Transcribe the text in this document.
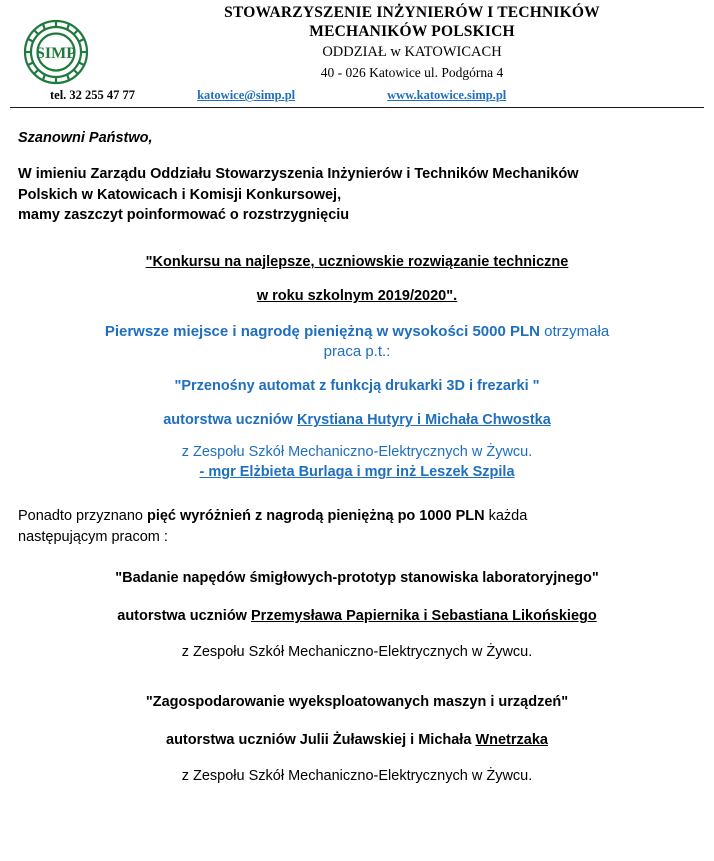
SIMP
STOWARZYSZENIE INŻYNIERÓW I TECHNIKÓW
MECHANIKÓW POLSKICH
ODDZIAŁ w KATOWICACH
40 - 026 Katowice ul. Podgórna 4
tel. 32 255 47 77	katowice@simp.pl	www.katowice.simp.pl
Szanowni Państwo,
W imieniu Zarządu Oddziału Stowarzyszenia Inżynierów i Techników Mechaników
Polskich w Katowicach i Komisji Konkursowej,
mamy zaszczyt poinformować o rozstrzygnięciu
"Konkursu na najlepsze, uczniowskie rozwiązanie techniczne
w roku szkolnym 2019/2020".
Pierwsze miejsce i nagrodę pieniężną w wysokości 5000 PLN otrzymała
praca p.t.:
"Przenośny automat z funkcją drukarki 3D i frezarki "
autorstwa uczniów Krystiana Hutyry i Michała Chwostka
z Zespołu Szkół Mechaniczno-Elektrycznych w Żywcu.
- mgr Elżbieta Burlaga i mgr inż Leszek Szpila
Ponadto przyznano pięć wyróżnień z nagrodą pieniężną po 1000 PLN każda
następującym pracom :
"Badanie napędów śmigłowych-prototyp stanowiska laboratoryjnego"
autorstwa uczniów Przemysława Papiernika i Sebastiana Likońskiego
z Zespołu Szkół Mechaniczno-Elektrycznych w Żywcu.
"Zagospodarowanie wyeksploatowanych maszyn i urządzeń"
autorstwa uczniów Julii Żuławskiej i Michała Wnetrzaka
z Zespołu Szkół Mechaniczno-Elektrycznych w Żywcu.
